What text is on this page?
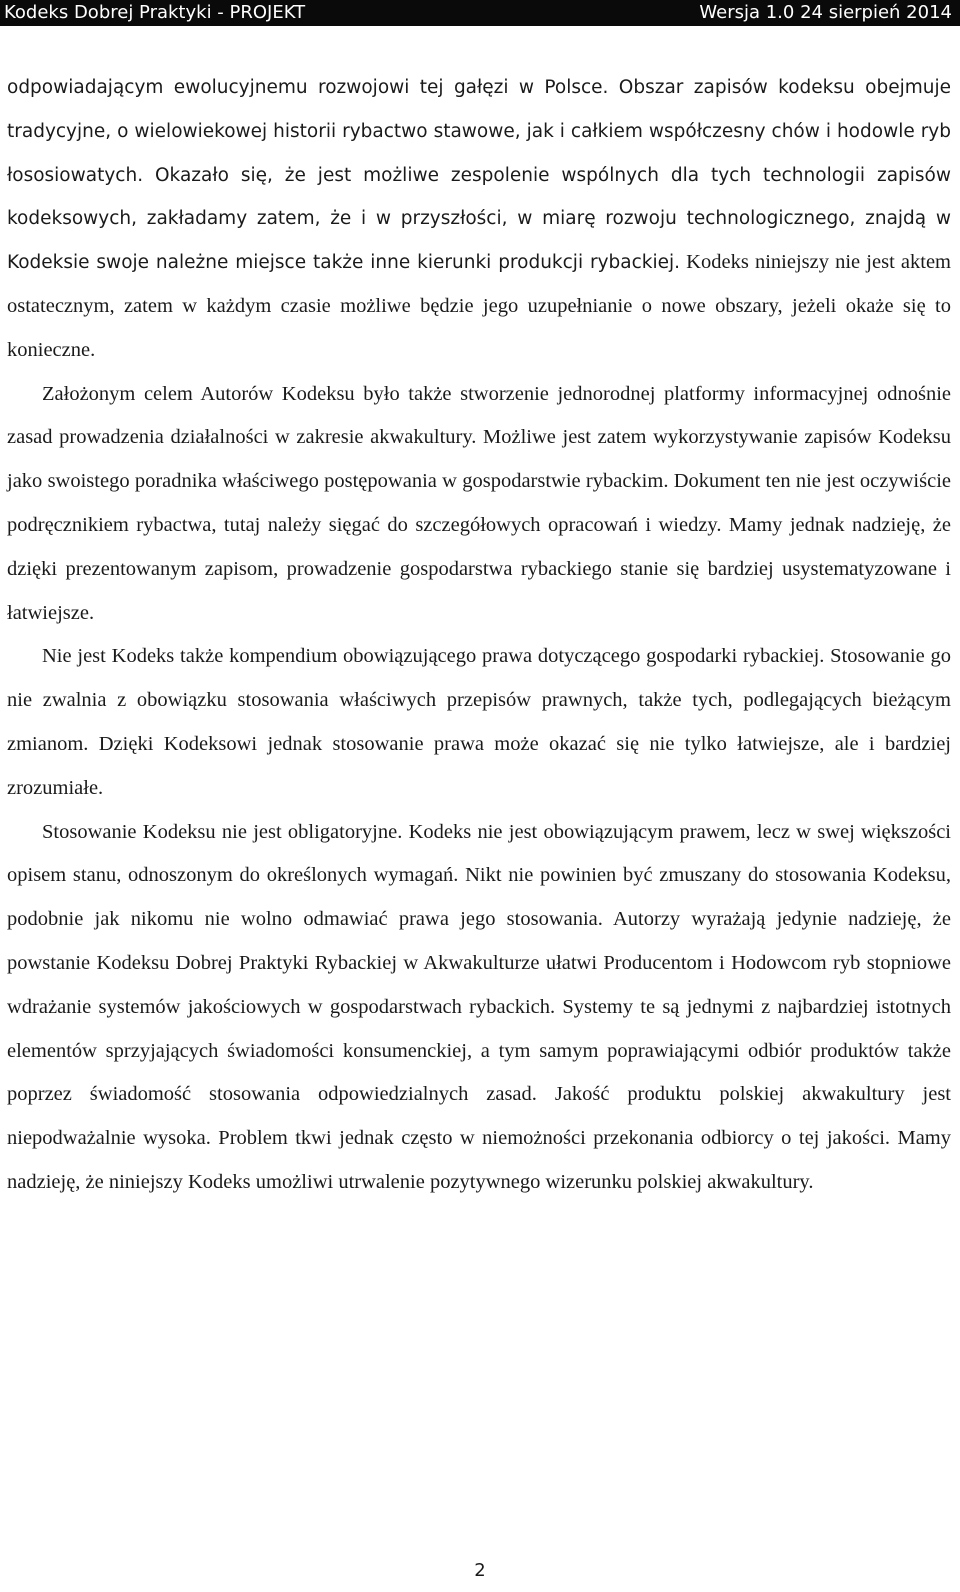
Kodeks Dobrej Praktyki - PROJEKT	Wersja 1.0 24 sierpień 2014

odpowiadającym ewolucyjnemu rozwojowi tej gałęzi w Polsce. Obszar zapisów kodeksu obejmuje tradycyjne, o wielowiekowej historii rybactwo stawowe, jak i całkiem współczesny chów i hodowle ryb łososiowatych. Okazało się, że jest możliwe zespolenie wspólnych dla tych technologii zapisów kodeksowych, zakładamy zatem, że i w przyszłości, w miarę rozwoju technologicznego, znajdą w Kodeksie swoje należne miejsce także inne kierunki produkcji rybackiej. Kodeks niniejszy nie jest aktem ostatecznym, zatem w każdym czasie możliwe będzie jego uzupełnianie o nowe obszary, jeżeli okaże się to konieczne.

Założonym celem Autorów Kodeksu było także stworzenie jednorodnej platformy informacyjnej odnośnie zasad prowadzenia działalności w zakresie akwakultury. Możliwe jest zatem wykorzystywanie zapisów Kodeksu jako swoistego poradnika właściwego postępowania w gospodarstwie rybackim. Dokument ten nie jest oczywiście podręcznikiem rybactwa, tutaj należy sięgać do szczegółowych opracowań i wiedzy. Mamy jednak nadzieję, że dzięki prezentowanym zapisom, prowadzenie gospodarstwa rybackiego stanie się bardziej usystematyzowane i łatwiejsze.

Nie jest Kodeks także kompendium obowiązującego prawa dotyczącego gospodarki rybackiej. Stosowanie go nie zwalnia z obowiązku stosowania właściwych przepisów prawnych, także tych, podlegających bieżącym zmianom. Dzięki Kodeksowi jednak stosowanie prawa może okazać się nie tylko łatwiejsze, ale i bardziej zrozumiałe.

Stosowanie Kodeksu nie jest obligatoryjne. Kodeks nie jest obowiązującym prawem, lecz w swej większości opisem stanu, odnoszonym do określonych wymagań. Nikt nie powinien być zmuszany do stosowania Kodeksu, podobnie jak nikomu nie wolno odmawiać prawa jego stosowania. Autorzy wyrażają jedynie nadzieję, że powstanie Kodeksu Dobrej Praktyki Rybackiej w Akwakulturze ułatwi Producentom i Hodowcom ryb stopniowe wdrażanie systemów jakościowych w gospodarstwach rybackich. Systemy te są jednymi z najbardziej istotnych elementów sprzyjających świadomości konsumenckiej, a tym samym poprawiającymi odbiór produktów także poprzez świadomość stosowania odpowiedzialnych zasad. Jakość produktu polskiej akwakultury jest niepodważalnie wysoka. Problem tkwi jednak często w niemożności przekonania odbiorcy o tej jakości. Mamy nadzieję, że niniejszy Kodeks umożliwi utrwalenie pozytywnego wizerunku polskiej akwakultury.

2
